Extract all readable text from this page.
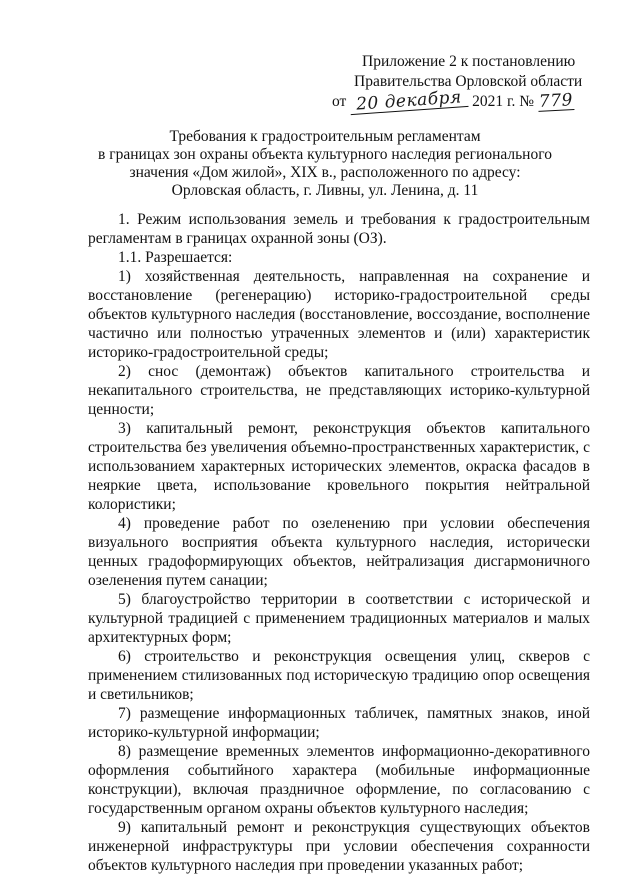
Приложение 2 к постановлению
Правительства Орловской области
от 20 декабря 2021 г. № 779
Требования к градостроительным регламентам
в границах зон охраны объекта культурного наследия регионального
значения «Дом жилой», XIX в., расположенного по адресу:
Орловская область, г. Ливны, ул. Ленина, д. 11

1. Режим использования земель и требования к градостроительным регламентам в границах охранной зоны (ОЗ).

1.1. Разрешается:

1) хозяйственная деятельность, направленная на сохранение и восстановление (регенерацию) историко-градостроительной среды объектов культурного наследия (восстановление, воссоздание, восполнение частично или полностью утраченных элементов и (или) характеристик историко-градостроительной среды;

2) снос (демонтаж) объектов капитального строительства и некапитального строительства, не представляющих историко-культурной ценности;

3) капитальный ремонт, реконструкция объектов капитального строительства без увеличения объемно-пространственных характеристик, с использованием характерных исторических элементов, окраска фасадов в неяркие цвета, использование кровельного покрытия нейтральной колористики;

4) проведение работ по озеленению при условии обеспечения визуального восприятия объекта культурного наследия, исторически ценных градоформирующих объектов, нейтрализация дисгармоничного озеленения путем санации;

5) благоустройство территории в соответствии с исторической и культурной традицией с применением традиционных материалов и малых архитектурных форм;

6) строительство и реконструкция освещения улиц, скверов с применением стилизованных под историческую традицию опор освещения и светильников;

7) размещение информационных табличек, памятных знаков, иной историко-культурной информации;

8) размещение временных элементов информационно-декоративного оформления событийного характера (мобильные информационные конструкции), включая праздничное оформление, по согласованию с государственным органом охраны объектов культурного наследия;

9) капитальный ремонт и реконструкция существующих объектов инженерной инфраструктуры при условии обеспечения сохранности объектов культурного наследия при проведении указанных работ;
